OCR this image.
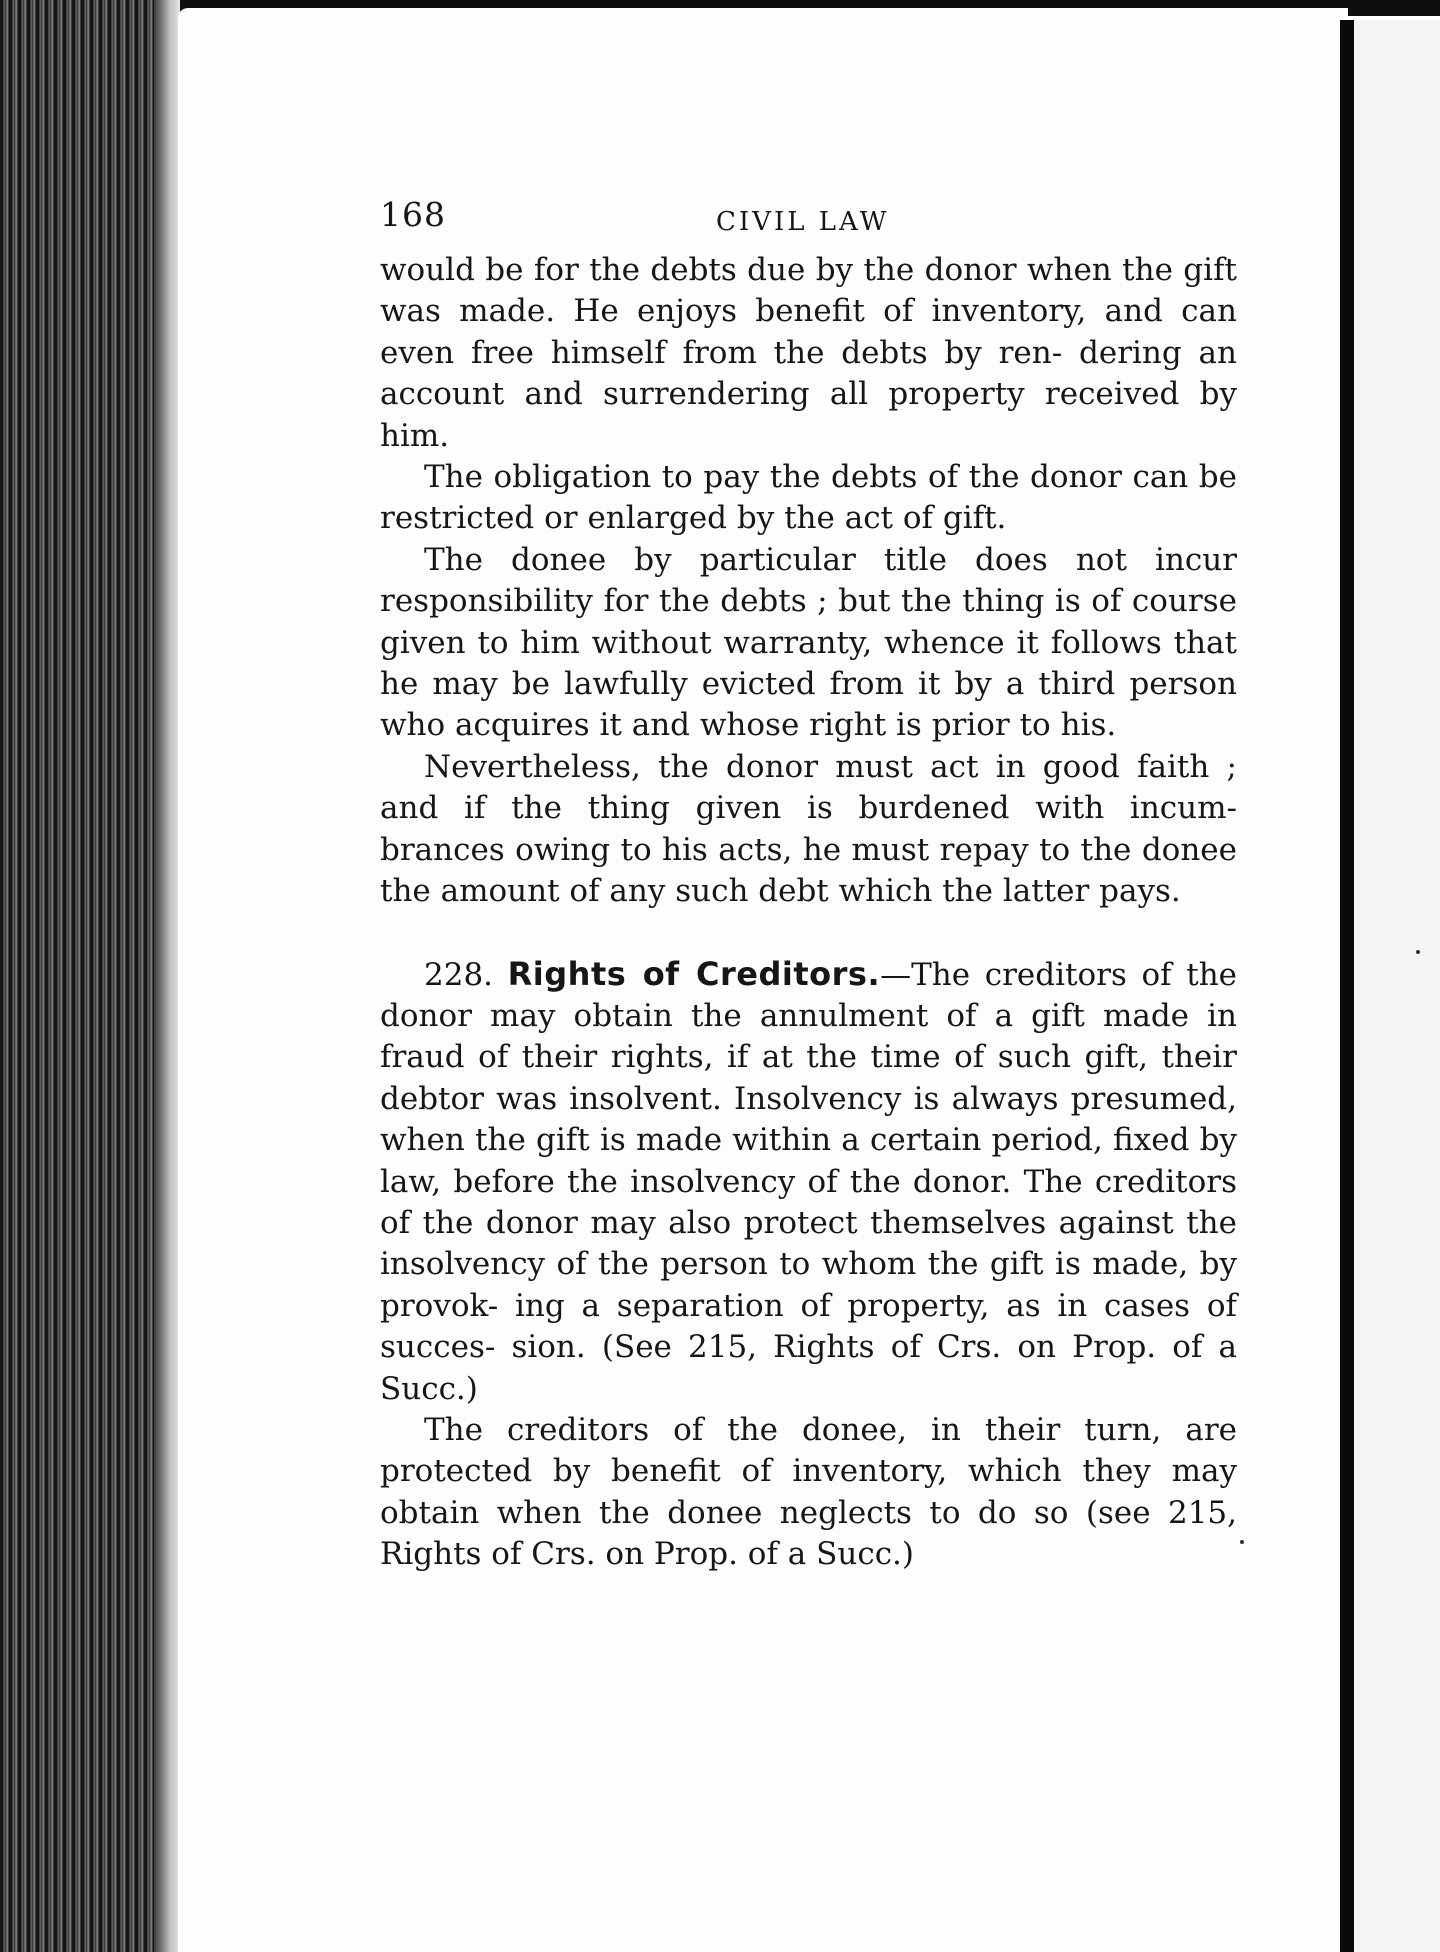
168	CIVIL LAW

would be for the debts due by the donor when the gift was made. He enjoys benefit of inventory, and can even free himself from the debts by ren- dering an account and surrendering all property received by him.

The obligation to pay the debts of the donor can be restricted or enlarged by the act of gift.

The donee by particular title does not incur responsibility for the debts ; but the thing is of course given to him without warranty, whence it follows that he may be lawfully evicted from it by a third person who acquires it and whose right is prior to his.

Nevertheless, the donor must act in good faith ; and if the thing given is burdened with incum- brances owing to his acts, he must repay to the donee the amount of any such debt which the latter pays.

228. Rights of Creditors.—The creditors of the donor may obtain the annulment of a gift made in fraud of their rights, if at the time of such gift, their debtor was insolvent. Insolvency is always presumed, when the gift is made within a certain period, fixed by law, before the insolvency of the donor. The creditors of the donor may also protect themselves against the insolvency of the person to whom the gift is made, by provok- ing a separation of property, as in cases of succes- sion. (See 215, Rights of Crs. on Prop. of a Succ.)

The creditors of the donee, in their turn, are protected by benefit of inventory, which they may obtain when the donee neglects to do so (see 215, Rights of Crs. on Prop. of a Succ.)
